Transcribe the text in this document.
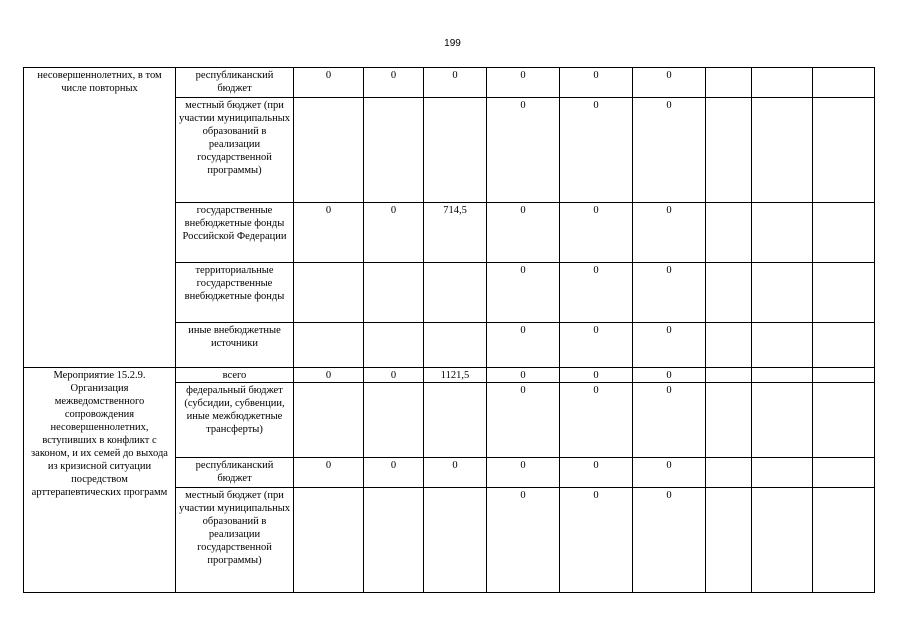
199
несовершеннолетних, в том числе повторных	республиканский бюджет	0	0	0	0	0	0			
	местный бюджет (при участии муниципальных образований в реализации государственной программы)				0	0	0			
	государственные внебюджетные фонды Российской Федерации	0	0	714,5	0	0	0			
	территориальные государственные внебюджетные фонды				0	0	0			
	иные внебюджетные источники				0	0	0			
Мероприятие 15.2.9. Организация межведомственного сопровождения несовершеннолетних, вступивших в конфликт с законом, и их семей до выхода из кризисной ситуации посредством арттерапевтических программ	всего	0	0	1121,5	0	0	0			
	федеральный бюджет (субсидии, субвенции, иные межбюджетные трансферты)				0	0	0			
	республиканский бюджет	0	0	0	0	0	0			
	местный бюджет (при участии муниципальных образований в реализации государственной программы)				0	0	0			
